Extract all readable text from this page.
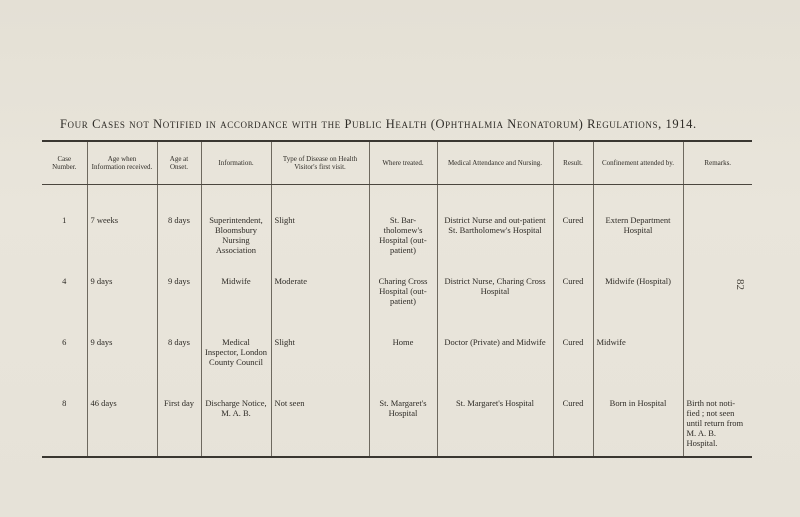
Four Cases not Notified in accordance with the Public Health (Ophthalmia Neonatorum) Regulations, 1914.
82
Case Number.	Age when Information received.	Age at Onset.	Information.	Type of Disease on Health Visitor's first visit.	Where treated.	Medical Attendance and Nursing.	Result.	Confinement attended by.	Remarks.
1	7 weeks	8 days	Superintendent, Bloomsbury Nursing Association	Slight	St. Bar- tholomew's Hospital (out-patient)	District Nurse and out-patient St. Bartholomew's Hospital	Cured	Extern Department Hospital	
4	9 days	9 days	Midwife	Moderate	Charing Cross Hospital (out-patient)	District Nurse, Charing Cross Hospital	Cured	Midwife (Hospital)	
6	9 days	8 days	Medical Inspector, London County Council	Slight	Home	Doctor (Private) and Midwife	Cured	Midwife	
8	46 days	First day	Discharge Notice, M. A. B.	Not seen	St. Margaret's Hospital	St. Margaret's Hospital	Cured	Born in Hospital	Birth not noti- fied ; not seen until return from M. A. B. Hospital.
